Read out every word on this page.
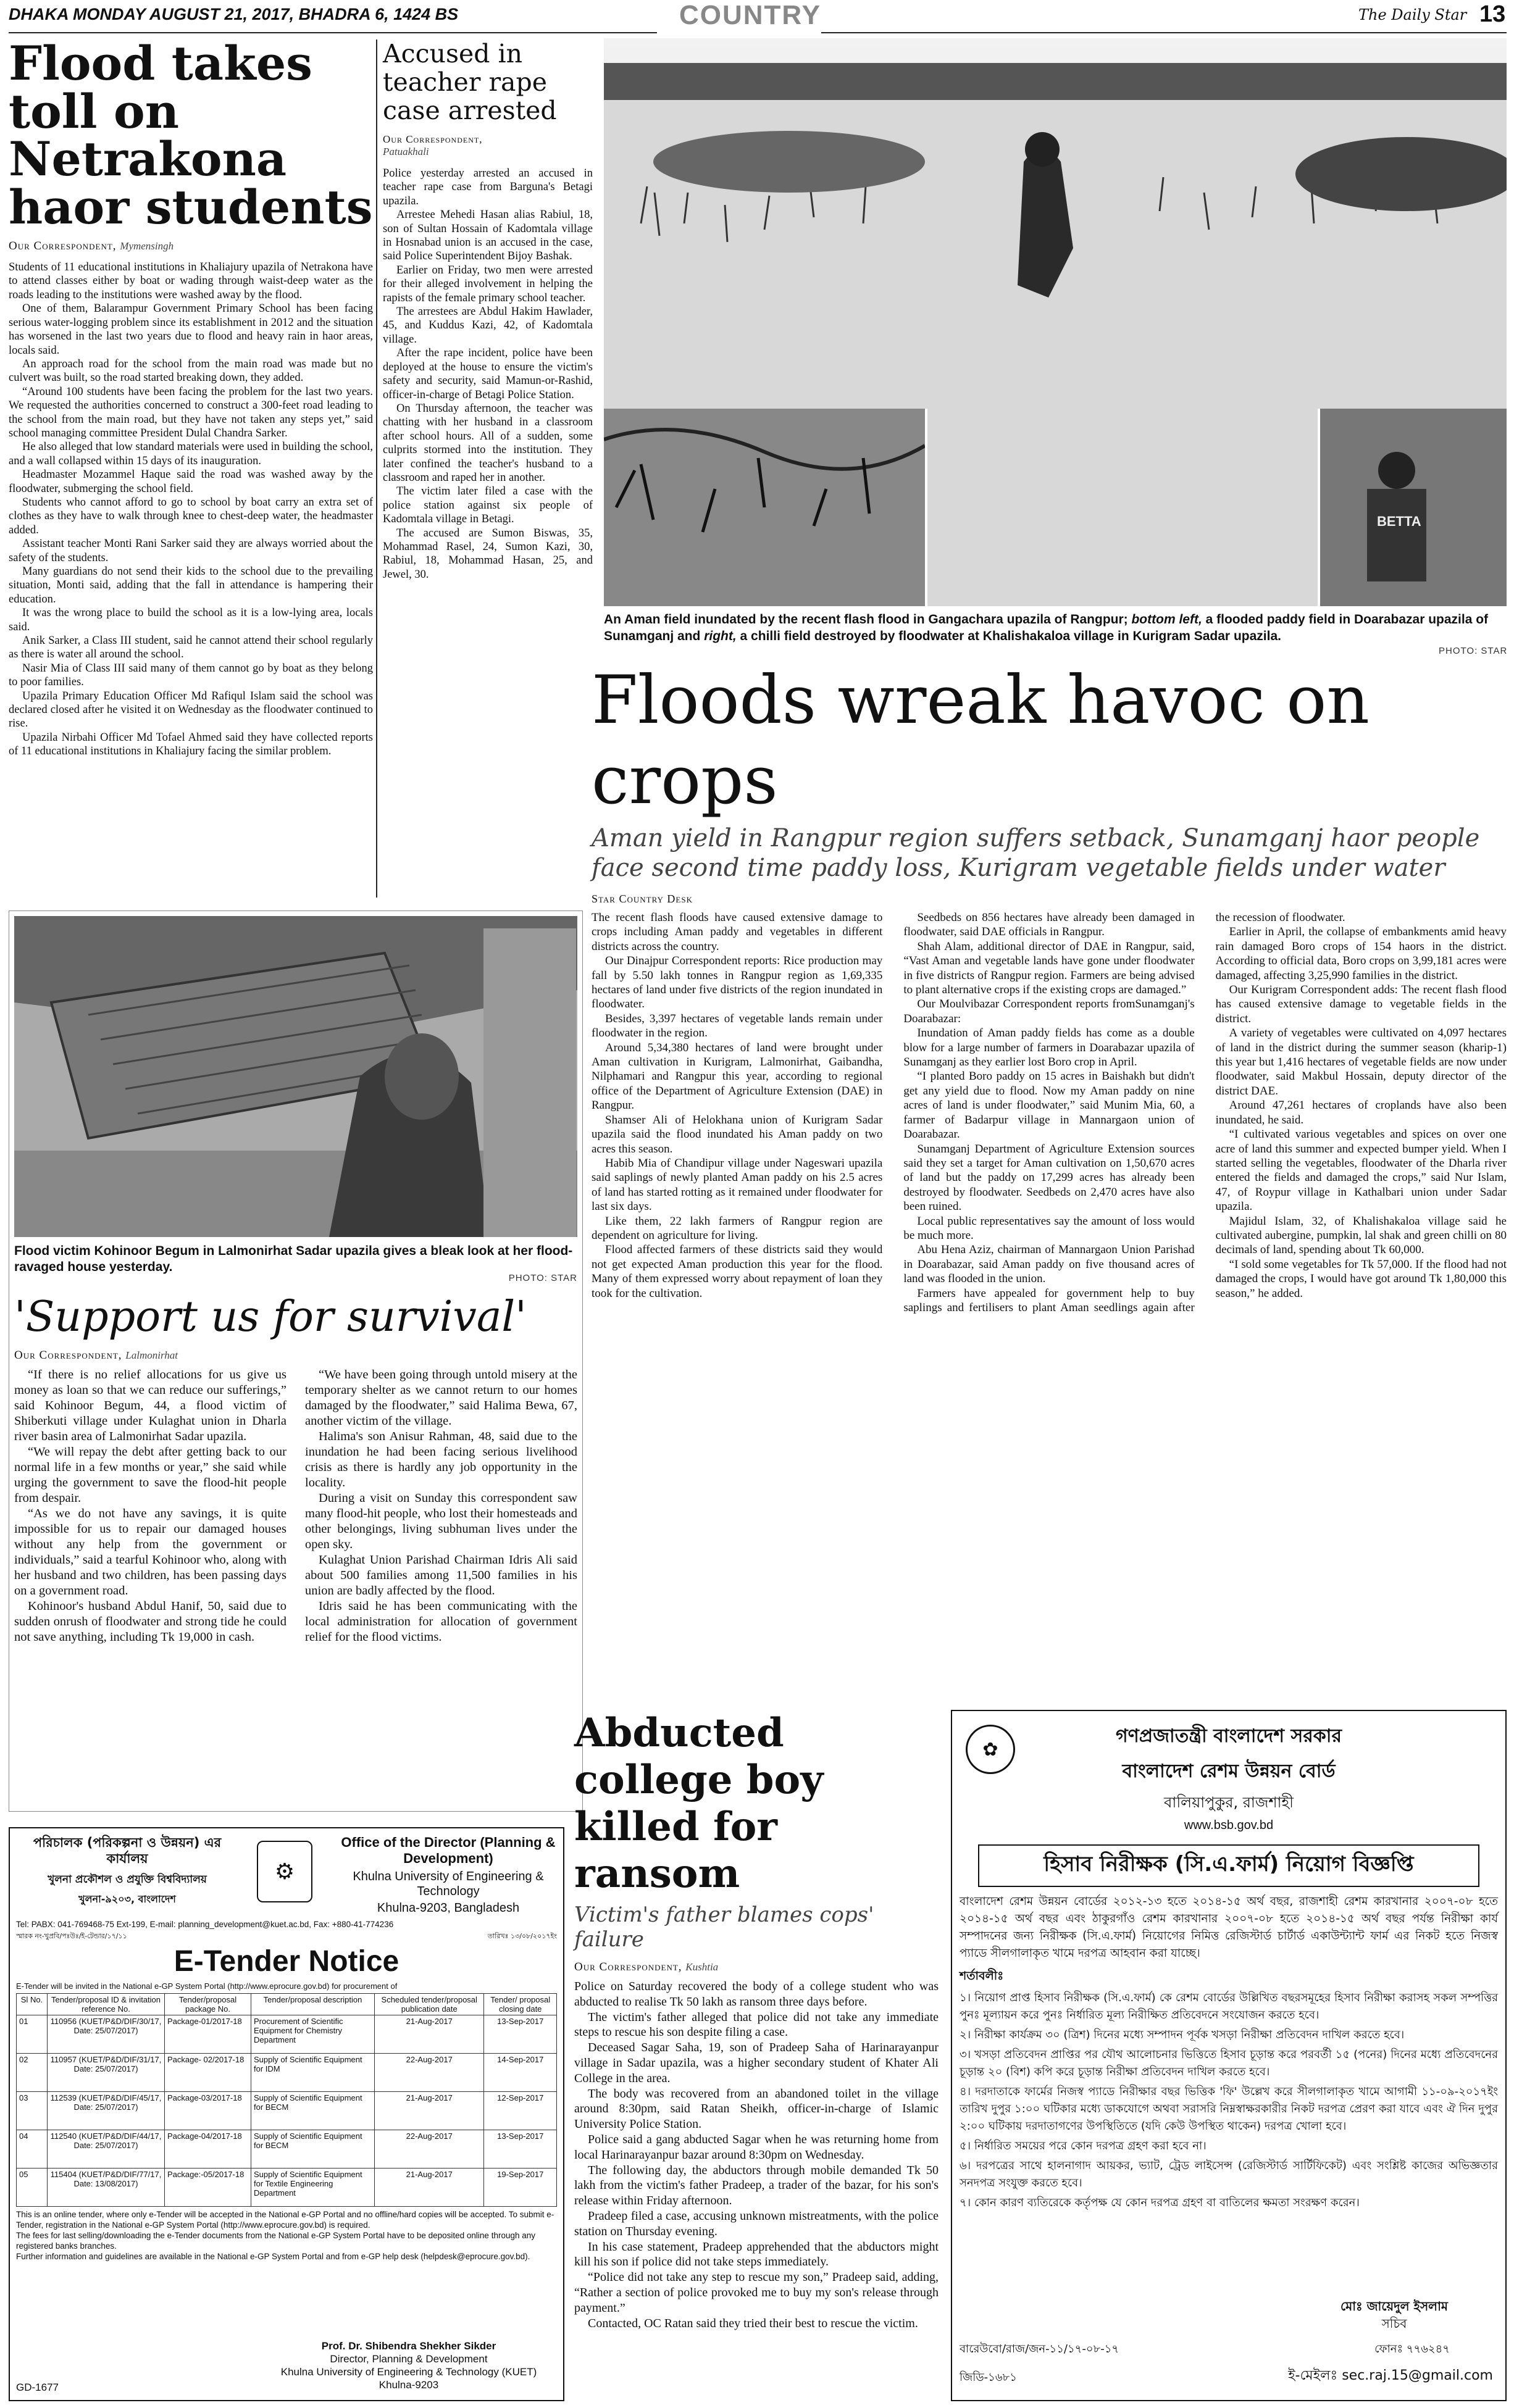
DHAKA MONDAY AUGUST 21, 2017, BHADRA 6, 1424 BS	COUNTRY	The Daily Star 13
Flood takes toll on Netrakona haor students
Our Correspondent, Mymensingh

Students of 11 educational institutions in Khaliajury upazila of Netrakona have to attend classes either by boat or wading through waist-deep water as the roads leading to the institutions were washed away by the flood.

One of them, Balarampur Government Primary School has been facing serious water-logging problem since its establishment in 2012 and the situation has worsened in the last two years due to flood and heavy rain in haor areas, locals said.

An approach road for the school from the main road was made but no culvert was built, so the road started breaking down, they added.

“Around 100 students have been facing the problem for the last two years. We requested the authorities concerned to construct a 300-feet road leading to the school from the main road, but they have not taken any steps yet,” said school managing committee President Dulal Chandra Sarker.

He also alleged that low standard materials were used in building the school, and a wall collapsed within 15 days of its inauguration.

Headmaster Mozammel Haque said the road was washed away by the floodwater, submerging the school field.

Students who cannot afford to go to school by boat carry an extra set of clothes as they have to walk through knee to chest-deep water, the headmaster added.

Assistant teacher Monti Rani Sarker said they are always worried about the safety of the students.

Many guardians do not send their kids to the school due to the prevailing situation, Monti said, adding that the fall in attendance is hampering their education.

It was the wrong place to build the school as it is a low-lying area, locals said.

Anik Sarker, a Class III student, said he cannot attend their school regularly as there is water all around the school.

Nasir Mia of Class III said many of them cannot go by boat as they belong to poor families.

Upazila Primary Education Officer Md Rafiqul Islam said the school was declared closed after he visited it on Wednesday as the floodwater continued to rise.

Upazila Nirbahi Officer Md Tofael Ahmed said they have collected reports of 11 educational institutions in Khaliajury facing the similar problem.

Accused in teacher rape case arrested
Our Correspondent,
Patuakhali

Police yesterday arrested an accused in teacher rape case from Barguna's Betagi upazila.

Arrestee Mehedi Hasan alias Rabiul, 18, son of Sultan Hossain of Kadomtala village in Hosnabad union is an accused in the case, said Police Superintendent Bijoy Bashak.

Earlier on Friday, two men were arrested for their alleged involvement in helping the rapists of the female primary school teacher.

The arrestees are Abdul Hakim Hawlader, 45, and Kuddus Kazi, 42, of Kadomtala village.

After the rape incident, police have been deployed at the house to ensure the victim's safety and security, said Mamun-or-Rashid, officer-in-charge of Betagi Police Station.

On Thursday afternoon, the teacher was chatting with her husband in a classroom after school hours. All of a sudden, some culprits stormed into the institution. They later confined the teacher's husband to a classroom and raped her in another.

The victim later filed a case with the police station against six people of Kadomtala village in Betagi.

The accused are Sumon Biswas, 35, Mohammad Rasel, 24, Sumon Kazi, 30, Rabiul, 18, Mohammad Hasan, 25, and Jewel, 30.

BETTA
An Aman field inundated by the recent flash flood in Gangachara upazila of Rangpur; bottom left, a flooded paddy field in Doarabazar upazila of Sunamganj and right, a chilli field destroyed by floodwater at Khalishakaloa village in Kurigram Sadar upazila.
PHOTO: STAR
Floods wreak havoc on crops
Aman yield in Rangpur region suffers setback, Sunamganj haor people face second time paddy loss, Kurigram vegetable fields under water
Star Country Desk

The recent flash floods have caused extensive damage to crops including Aman paddy and vegetables in different districts across the country.

Our Dinajpur Correspondent reports: Rice production may fall by 5.50 lakh tonnes in Rangpur region as 1,69,335 hectares of land under five districts of the region inundated in floodwater.

Besides, 3,397 hectares of vegetable lands remain under floodwater in the region.

Around 5,34,380 hectares of land were brought under Aman cultivation in Kurigram, Lalmonirhat, Gaibandha, Nilphamari and Rangpur this year, according to regional office of the Department of Agriculture Extension (DAE) in Rangpur.

Shamser Ali of Helokhana union of Kurigram Sadar upazila said the flood inundated his Aman paddy on two acres this season.

Habib Mia of Chandipur village under Nageswari upazila said saplings of newly planted Aman paddy on his 2.5 acres of land has started rotting as it remained under floodwater for last six days.

Like them, 22 lakh farmers of Rangpur region are dependent on agriculture for living.

Flood affected farmers of these districts said they would not get expected Aman production this year for the flood. Many of them expressed worry about repayment of loan they took for the cultivation.

Seedbeds on 856 hectares have already been damaged in floodwater, said DAE officials in Rangpur.

Shah Alam, additional director of DAE in Rangpur, said, “Vast Aman and vegetable lands have gone under floodwater in five districts of Rangpur region. Farmers are being advised to plant alternative crops if the existing crops are damaged.”

Our Moulvibazar Correspondent reports fromSunamganj's Doarabazar:

Inundation of Aman paddy fields has come as a double blow for a large number of farmers in Doarabazar upazila of Sunamganj as they earlier lost Boro crop in April.

“I planted Boro paddy on 15 acres in Baishakh but didn't get any yield due to flood. Now my Aman paddy on nine acres of land is under floodwater,” said Munim Mia, 60, a farmer of Badarpur village in Mannargaon union of Doarabazar.

Sunamganj Department of Agriculture Extension sources said they set a target for Aman cultivation on 1,50,670 acres of land but the paddy on 17,299 acres has already been destroyed by floodwater. Seedbeds on 2,470 acres have also been ruined.

Local public representatives say the amount of loss would be much more.

Abu Hena Aziz, chairman of Mannargaon Union Parishad in Doarabazar, said Aman paddy on five thousand acres of land was flooded in the union.

Farmers have appealed for government help to buy saplings and fertilisers to plant Aman seedlings again after the recession of floodwater.

Earlier in April, the collapse of embankments amid heavy rain damaged Boro crops of 154 haors in the district. According to official data, Boro crops on 3,99,181 acres were damaged, affecting 3,25,990 families in the district.

Our Kurigram Correspondent adds: The recent flash flood has caused extensive damage to vegetable fields in the district.

A variety of vegetables were cultivated on 4,097 hectares of land in the district during the summer season (kharip-1) this year but 1,416 hectares of vegetable fields are now under floodwater, said Makbul Hossain, deputy director of the district DAE.

Around 47,261 hectares of croplands have also been inundated, he said.

“I cultivated various vegetables and spices on over one acre of land this summer and expected bumper yield. When I started selling the vegetables, floodwater of the Dharla river entered the fields and damaged the crops,” said Nur Islam, 47, of Roypur village in Kathalbari union under Sadar upazila.

Majidul Islam, 32, of Khalishakaloa village said he cultivated aubergine, pumpkin, lal shak and green chilli on 80 decimals of land, spending about Tk 60,000.

“I sold some vegetables for Tk 57,000. If the flood had not damaged the crops, I would have got around Tk 1,80,000 this season,” he added.

Flood victim Kohinoor Begum in Lalmonirhat Sadar upazila gives a bleak look at her flood-ravaged house yesterday.
PHOTO: STAR
'Support us for survival'
Our Correspondent, Lalmonirhat

“If there is no relief allocations for us give us money as loan so that we can reduce our sufferings,” said Kohinoor Begum, 44, a flood victim of Shiberkuti village under Kulaghat union in Dharla river basin area of Lalmonirhat Sadar upazila.

“We will repay the debt after getting back to our normal life in a few months or year,” she said while urging the government to save the flood-hit people from despair.

“As we do not have any savings, it is quite impossible for us to repair our damaged houses without any help from the government or individuals,” said a tearful Kohinoor who, along with her husband and two children, has been passing days on a government road.

Kohinoor's husband Abdul Hanif, 50, said due to sudden onrush of floodwater and strong tide he could not save anything, including Tk 19,000 in cash.

“We have been going through untold misery at the temporary shelter as we cannot return to our homes damaged by the floodwater,” said Halima Bewa, 67, another victim of the village.

Halima's son Anisur Rahman, 48, said due to the inundation he had been facing serious livelihood crisis as there is hardly any job opportunity in the locality.

During a visit on Sunday this correspondent saw many flood-hit people, who lost their homesteads and other belongings, living subhuman lives under the open sky.

Kulaghat Union Parishad Chairman Idris Ali said about 500 families among 11,500 families in his union are badly affected by the flood.

Idris said he has been communicating with the local administration for allocation of government relief for the flood victims.

পরিচালক (পরিকল্পনা ও উন্নয়ন) এর কার্যালয়
খুলনা প্রকৌশল ও প্রযুক্তি বিশ্ববিদ্যালয়
খুলনা-৯২০৩, বাংলাদেশ
⚙
Office of the Director (Planning & Development)
Khulna University of Engineering & Technology
Khulna-9203, Bangladesh
Tel: PABX: 041-769468-75 Ext-199, E-mail: planning_development@kuet.ac.bd, Fax: +880-41-774236
স্মারক নং-খুপ্রবি/পঃউঃ/ই-টেন্ডার/১৭/১১	তারিখঃ ১৩/০৮/২০১৭ইং
E-Tender Notice
E-Tender will be invited in the National e-GP System Portal (http://www.eprocure.gov.bd) for procurement of
Sl No.	Tender/proposal ID & invitation reference No.	Tender/proposal package No.	Tender/proposal description	Scheduled tender/proposal publication date	Tender/ proposal closing date
01	110956 (KUET/P&D/DIF/30/17, Date: 25/07/2017)	Package-01/2017-18	Procurement of Scientific Equipment for Chemistry Department	21-Aug-2017	13-Sep-2017
02	110957 (KUET/P&D/DIF/31/17, Date: 25/07/2017)	Package- 02/2017-18	Supply of Scientific Equipment for IDM	22-Aug-2017	14-Sep-2017
03	112539 (KUET/P&D/DIF/45/17, Date: 25/07/2017)	Package-03/2017-18	Supply of Scientific Equipment for BECM	21-Aug-2017	12-Sep-2017
04	112540 (KUET/P&D/DIF/44/17, Date: 25/07/2017)	Package-04/2017-18	Supply of Scientific Equipment for BECM	22-Aug-2017	13-Sep-2017
05	115404 (KUET/P&D/DIF/77/17, Date: 13/08/2017)	Package:-05/2017-18	Supply of Scientific Equipment for Textile Engineering Department	21-Aug-2017	19-Sep-2017
This is an online tender, where only e-Tender will be accepted in the National e-GP Portal and no offline/hard copies will be accepted. To submit e-Tender, registration in the National e-GP System Portal (http://www.eprocure.gov.bd) is required.
The fees for last selling/downloading the e-Tender documents from the National e-GP System Portal have to be deposited online through any registered banks branches.
Further information and guidelines are available in the National e-GP System Portal and from e-GP help desk (helpdesk@eprocure.gov.bd).
Prof. Dr. Shibendra Shekher Sikder
Director, Planning & Development
Khulna University of Engineering & Technology (KUET)
Khulna-9203
GD-1677
Abducted college boy killed for ransom
Victim's father blames cops' failure
Our Correspondent, Kushtia

Police on Saturday recovered the body of a college student who was abducted to realise Tk 50 lakh as ransom three days before.

The victim's father alleged that police did not take any immediate steps to rescue his son despite filing a case.

Deceased Sagar Saha, 19, son of Pradeep Saha of Harinarayanpur village in Sadar upazila, was a higher secondary student of Khater Ali College in the area.

The body was recovered from an abandoned toilet in the village around 8:30pm, said Ratan Sheikh, officer-in-charge of Islamic University Police Station.

Police said a gang abducted Sagar when he was returning home from local Harinarayanpur bazar around 8:30pm on Wednesday.

The following day, the abductors through mobile demanded Tk 50 lakh from the victim's father Pradeep, a trader of the bazar, for his son's release within Friday afternoon.

Pradeep filed a case, accusing unknown mistreatments, with the police station on Thursday evening.

In his case statement, Pradeep apprehended that the abductors might kill his son if police did not take steps immediately.

“Police did not take any step to rescue my son,” Pradeep said, adding, “Rather a section of police provoked me to buy my son's release through payment.”

Contacted, OC Ratan said they tried their best to rescue the victim.

✿
গণপ্রজাতন্ত্রী বাংলাদেশ সরকার
বাংলাদেশ রেশম উন্নয়ন বোর্ড
বালিয়াপুকুর, রাজশাহী
www.bsb.gov.bd
হিসাব নিরীক্ষক (সি.এ.ফার্ম) নিয়োগ বিজ্ঞপ্তি
বাংলাদেশ রেশম উন্নয়ন বোর্ডের ২০১২-১৩ হতে ২০১৪-১৫ অর্থ বছর, রাজশাহী রেশম কারখানার ২০০৭-০৮ হতে ২০১৪-১৫ অর্থ বছর এবং ঠাকুরগাঁও রেশম কারখানার ২০০৭-০৮ হতে ২০১৪-১৫ অর্থ বছর পর্যন্ত নিরীক্ষা কার্য সম্পাদনের জন্য নিরীক্ষক (সি.এ.ফার্ম) নিয়োগের নিমিত্ত রেজিস্টার্ড চার্টার্ড একাউন্ট্যান্ট ফার্ম এর নিকট হতে নিজস্ব প্যাডে সীলগালাকৃত খামে দরপত্র আহবান করা যাচ্ছে।
শর্তাবলীঃ
১। নিয়োগ প্রাপ্ত হিসাব নিরীক্ষক (সি.এ.ফার্ম) কে রেশম বোর্ডের উল্লিখিত বছরসমূহের হিসাব নিরীক্ষা করাসহ সকল সম্পত্তির পুনঃ মূল্যায়ন করে পুনঃ নির্ধারিত মূল্য নিরীক্ষিত প্রতিবেদনে সংযোজন করতে হবে।
২। নিরীক্ষা কার্যক্রম ৩০ (ত্রিশ) দিনের মধ্যে সম্পাদন পূর্বক খসড়া নিরীক্ষা প্রতিবেদন দাখিল করতে হবে।
৩। খসড়া প্রতিবেদন প্রাপ্তির পর যৌথ আলোচনার ভিত্তিতে হিসাব চূড়ান্ত করে পরবর্তী ১৫ (পনের) দিনের মধ্যে প্রতিবেদনের চূড়ান্ত ২০ (বিশ) কপি করে চূড়ান্ত নিরীক্ষা প্রতিবেদন দাখিল করতে হবে।
৪। দরদাতাকে ফার্মের নিজস্ব প্যাডে নিরীক্ষার বছর ভিত্তিক 'ফি' উল্লেখ করে সীলগালাকৃত খামে আগামী ১১-০৯-২০১৭ইং তারিখ দুপুর ১:০০ ঘটিকার মধ্যে ডাকযোগে অথবা সরাসরি নিম্নস্বাক্ষরকারীর নিকট দরপত্র প্রেরণ করা যাবে এবং ঐ দিন দুপুর ২:০০ ঘটিকায় দরদাতাগণের উপস্থিতিতে (যদি কেউ উপস্থিত থাকেন) দরপত্র খোলা হবে।
৫। নির্ধারিত সময়ের পরে কোন দরপত্র গ্রহণ করা হবে না।
৬। দরপত্রের সাথে হালনাগাদ আয়কর, ভ্যাট, ট্রেড লাইসেন্স (রেজিস্টার্ড সার্টিফিকেট) এবং সংশ্লিষ্ট কাজের অভিজ্ঞতার সনদপত্র সংযুক্ত করতে হবে।
৭। কোন কারণ ব্যতিরেকে কর্তৃপক্ষ যে কোন দরপত্র গ্রহণ বা বাতিলের ক্ষমতা সংরক্ষণ করেন।
মোঃ জায়েদুল ইসলাম
সচিব
বারেউবো/রাজ/জন-১১/১৭-০৮-১৭	ফোনঃ ৭৭৬২৪৭
জিডি-১৬৮১	ই-মেইলঃ sec.raj.15@gmail.com
